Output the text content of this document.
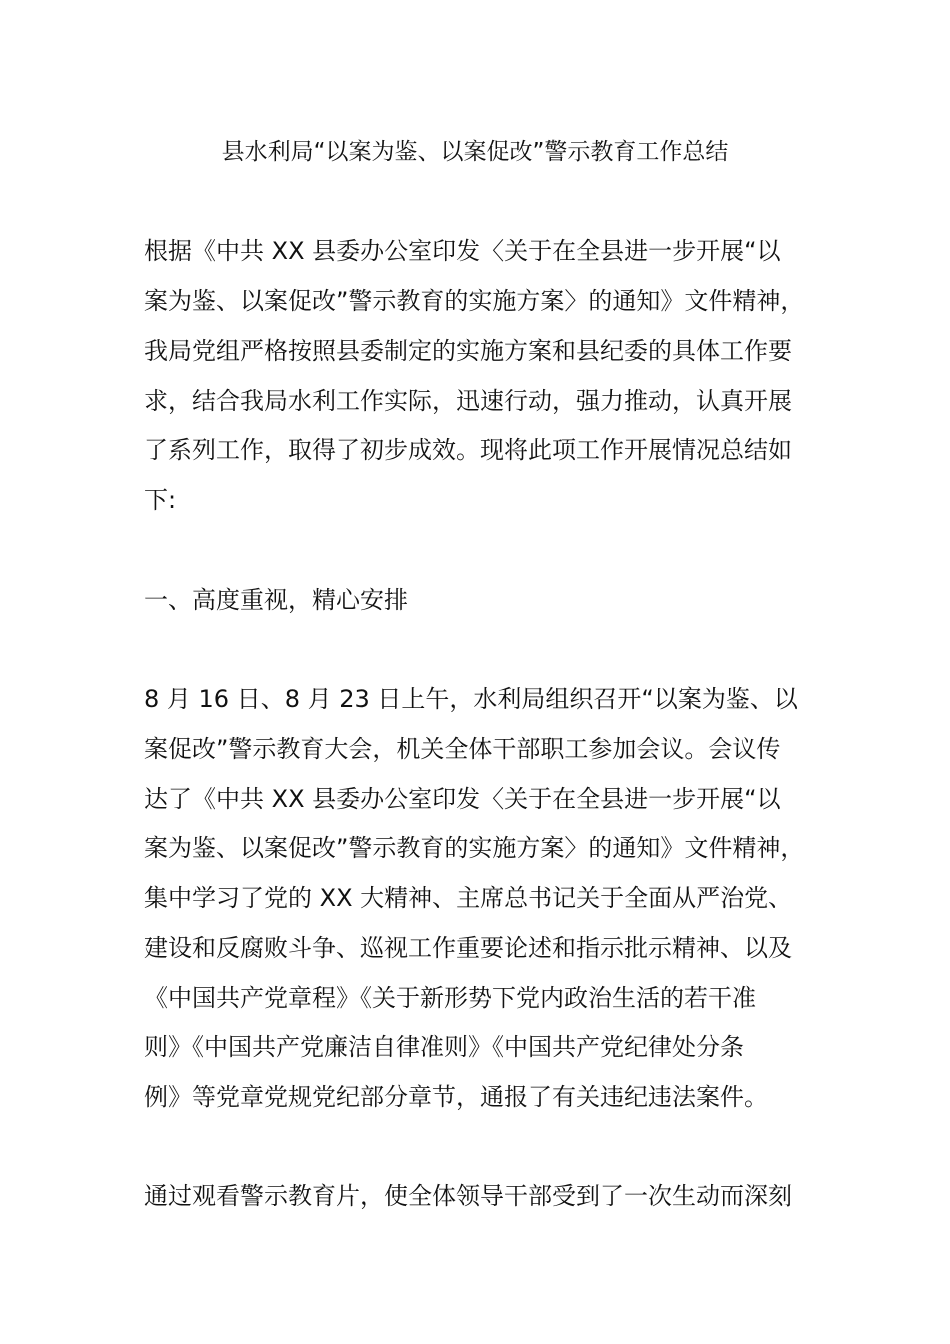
县水利局“以案为鉴、以案促改”警示教育工作总结
根据《中共 XX 县委办公室印发〈关于在全县进一步开展“以
案为鉴、以案促改”警示教育的实施方案〉的通知》文件精神，
我局党组严格按照县委制定的实施方案和县纪委的具体工作要
求，结合我局水利工作实际，迅速行动，强力推动，认真开展
了系列工作，取得了初步成效。现将此项工作开展情况总结如
下:
一、高度重视，精心安排
8 月 16 日、8 月 23 日上午，水利局组织召开“以案为鉴、以
案促改”警示教育大会，机关全体干部职工参加会议。会议传
达了《中共 XX 县委办公室印发〈关于在全县进一步开展“以
案为鉴、以案促改”警示教育的实施方案〉的通知》文件精神，
集中学习了党的 XX 大精神、主席总书记关于全面从严治党、
建设和反腐败斗争、巡视工作重要论述和指示批示精神、以及
《中国共产党章程》《关于新形势下党内政治生活的若干准
则》《中国共产党廉洁自律准则》《中国共产党纪律处分条
例》等党章党规党纪部分章节，通报了有关违纪违法案件。
通过观看警示教育片，使全体领导干部受到了一次生动而深刻
